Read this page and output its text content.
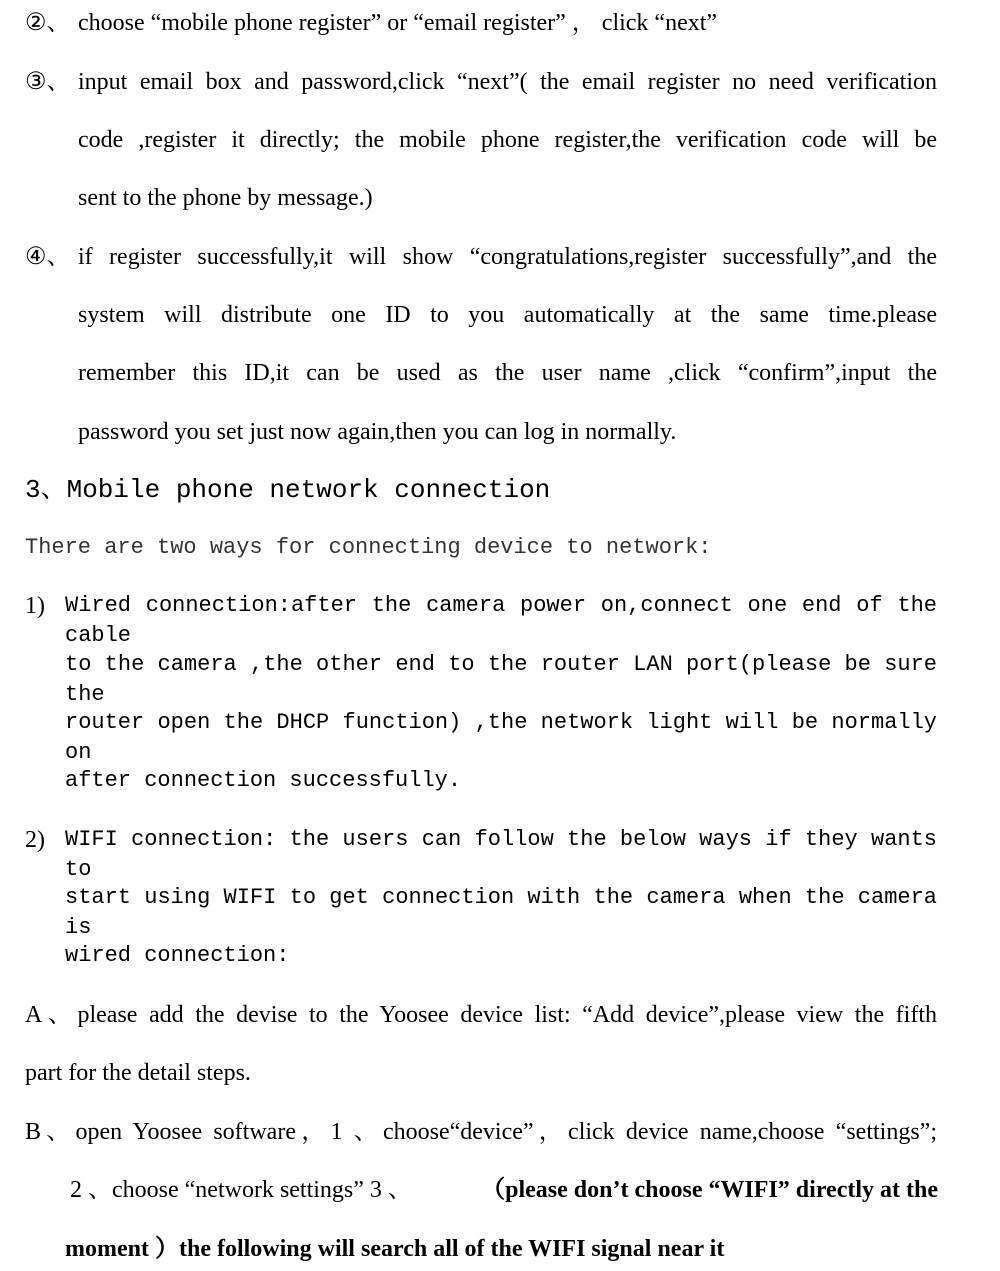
②、 choose “mobile phone register” or “email register” ， click “next”
③、 input email box and password,click “next”( the email register no need verification
code ,register it directly; the mobile phone register,the verification code will be
sent to the phone by message.)
④、 if register successfully,it will show “congratulations,register successfully”,and the
system will distribute one ID to you automatically at the same time.please
remember this ID,it can be used as the user name ,click “confirm”,input the
password you set just now again,then you can log in normally.
3、Mobile phone network connection
There are two ways for connecting device to network:
1) Wired connection:after the camera power on,connect one end of the cable
to the camera ,the other end to the router LAN port(please be sure the
router open the DHCP function) ,the network light will be normally on
after connection successfully.
2) WIFI connection: the users can follow the below ways if they wants to
start using WIFI to get connection with the camera when the camera is
wired connection:
A、please add the devise to the Yoosee device list: “Add device”,please view the fifth
part for the detail steps.
B、open Yoosee software，1 、choose“device”，click device name,choose “settings”;
2 、choose “network settings” 3 、	（please don’t choose “WIFI” directly at the
moment ）the following will search all of the WIFI signal near it
